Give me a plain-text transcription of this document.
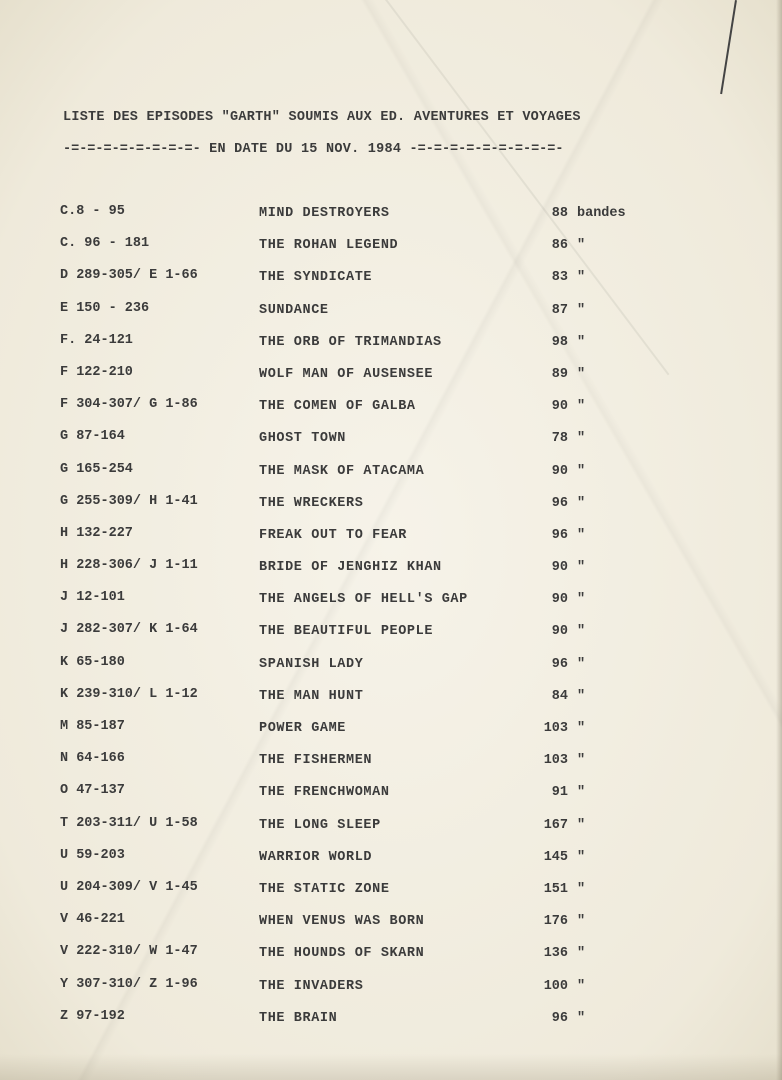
LISTE DES EPISODES "GARTH" SOUMIS AUX ED. AVENTURES ET VOYAGES
-=-=-=-=-=-=-=-=- EN DATE DU 15 NOV. 1984 -=-=-=-=-=-=-=-=-=-
C.8 - 95	MIND DESTROYERS	88 bandes
C. 96 - 181	THE ROHAN LEGEND	86 "
D 289-305/ E 1-66	THE SYNDICATE	83 "
E 150 - 236	SUNDANCE	87 "
F. 24-121	THE ORB OF TRIMANDIAS	98 "
F 122-210	WOLF MAN OF AUSENSEE	89 "
F 304-307/ G 1-86	THE COMEN OF GALBA	90 "
G 87-164	GHOST TOWN	78 "
G 165-254	THE MASK OF ATACAMA	90 "
G 255-309/ H 1-41	THE WRECKERS	96 "
H 132-227	FREAK OUT TO FEAR	96 "
H 228-306/ J 1-11	BRIDE OF JENGHIZ KHAN	90 "
J 12-101	THE ANGELS OF HELL'S GAP	90 "
J 282-307/ K 1-64	THE BEAUTIFUL PEOPLE	90 "
K 65-180	SPANISH LADY	96 "
K 239-310/ L 1-12	THE MAN HUNT	84 "
M 85-187	POWER GAME	103 "
N 64-166	THE FISHERMEN	103 "
O 47-137	THE FRENCHWOMAN	91 "
T 203-311/ U 1-58	THE LONG SLEEP	167 "
U 59-203	WARRIOR WORLD	145 "
U 204-309/ V 1-45	THE STATIC ZONE	151 "
V 46-221	WHEN VENUS WAS BORN	176 "
V 222-310/ W 1-47	THE HOUNDS OF SKARN	136 "
Y 307-310/ Z 1-96	THE INVADERS	100 "
Z 97-192	THE BRAIN	96 "
